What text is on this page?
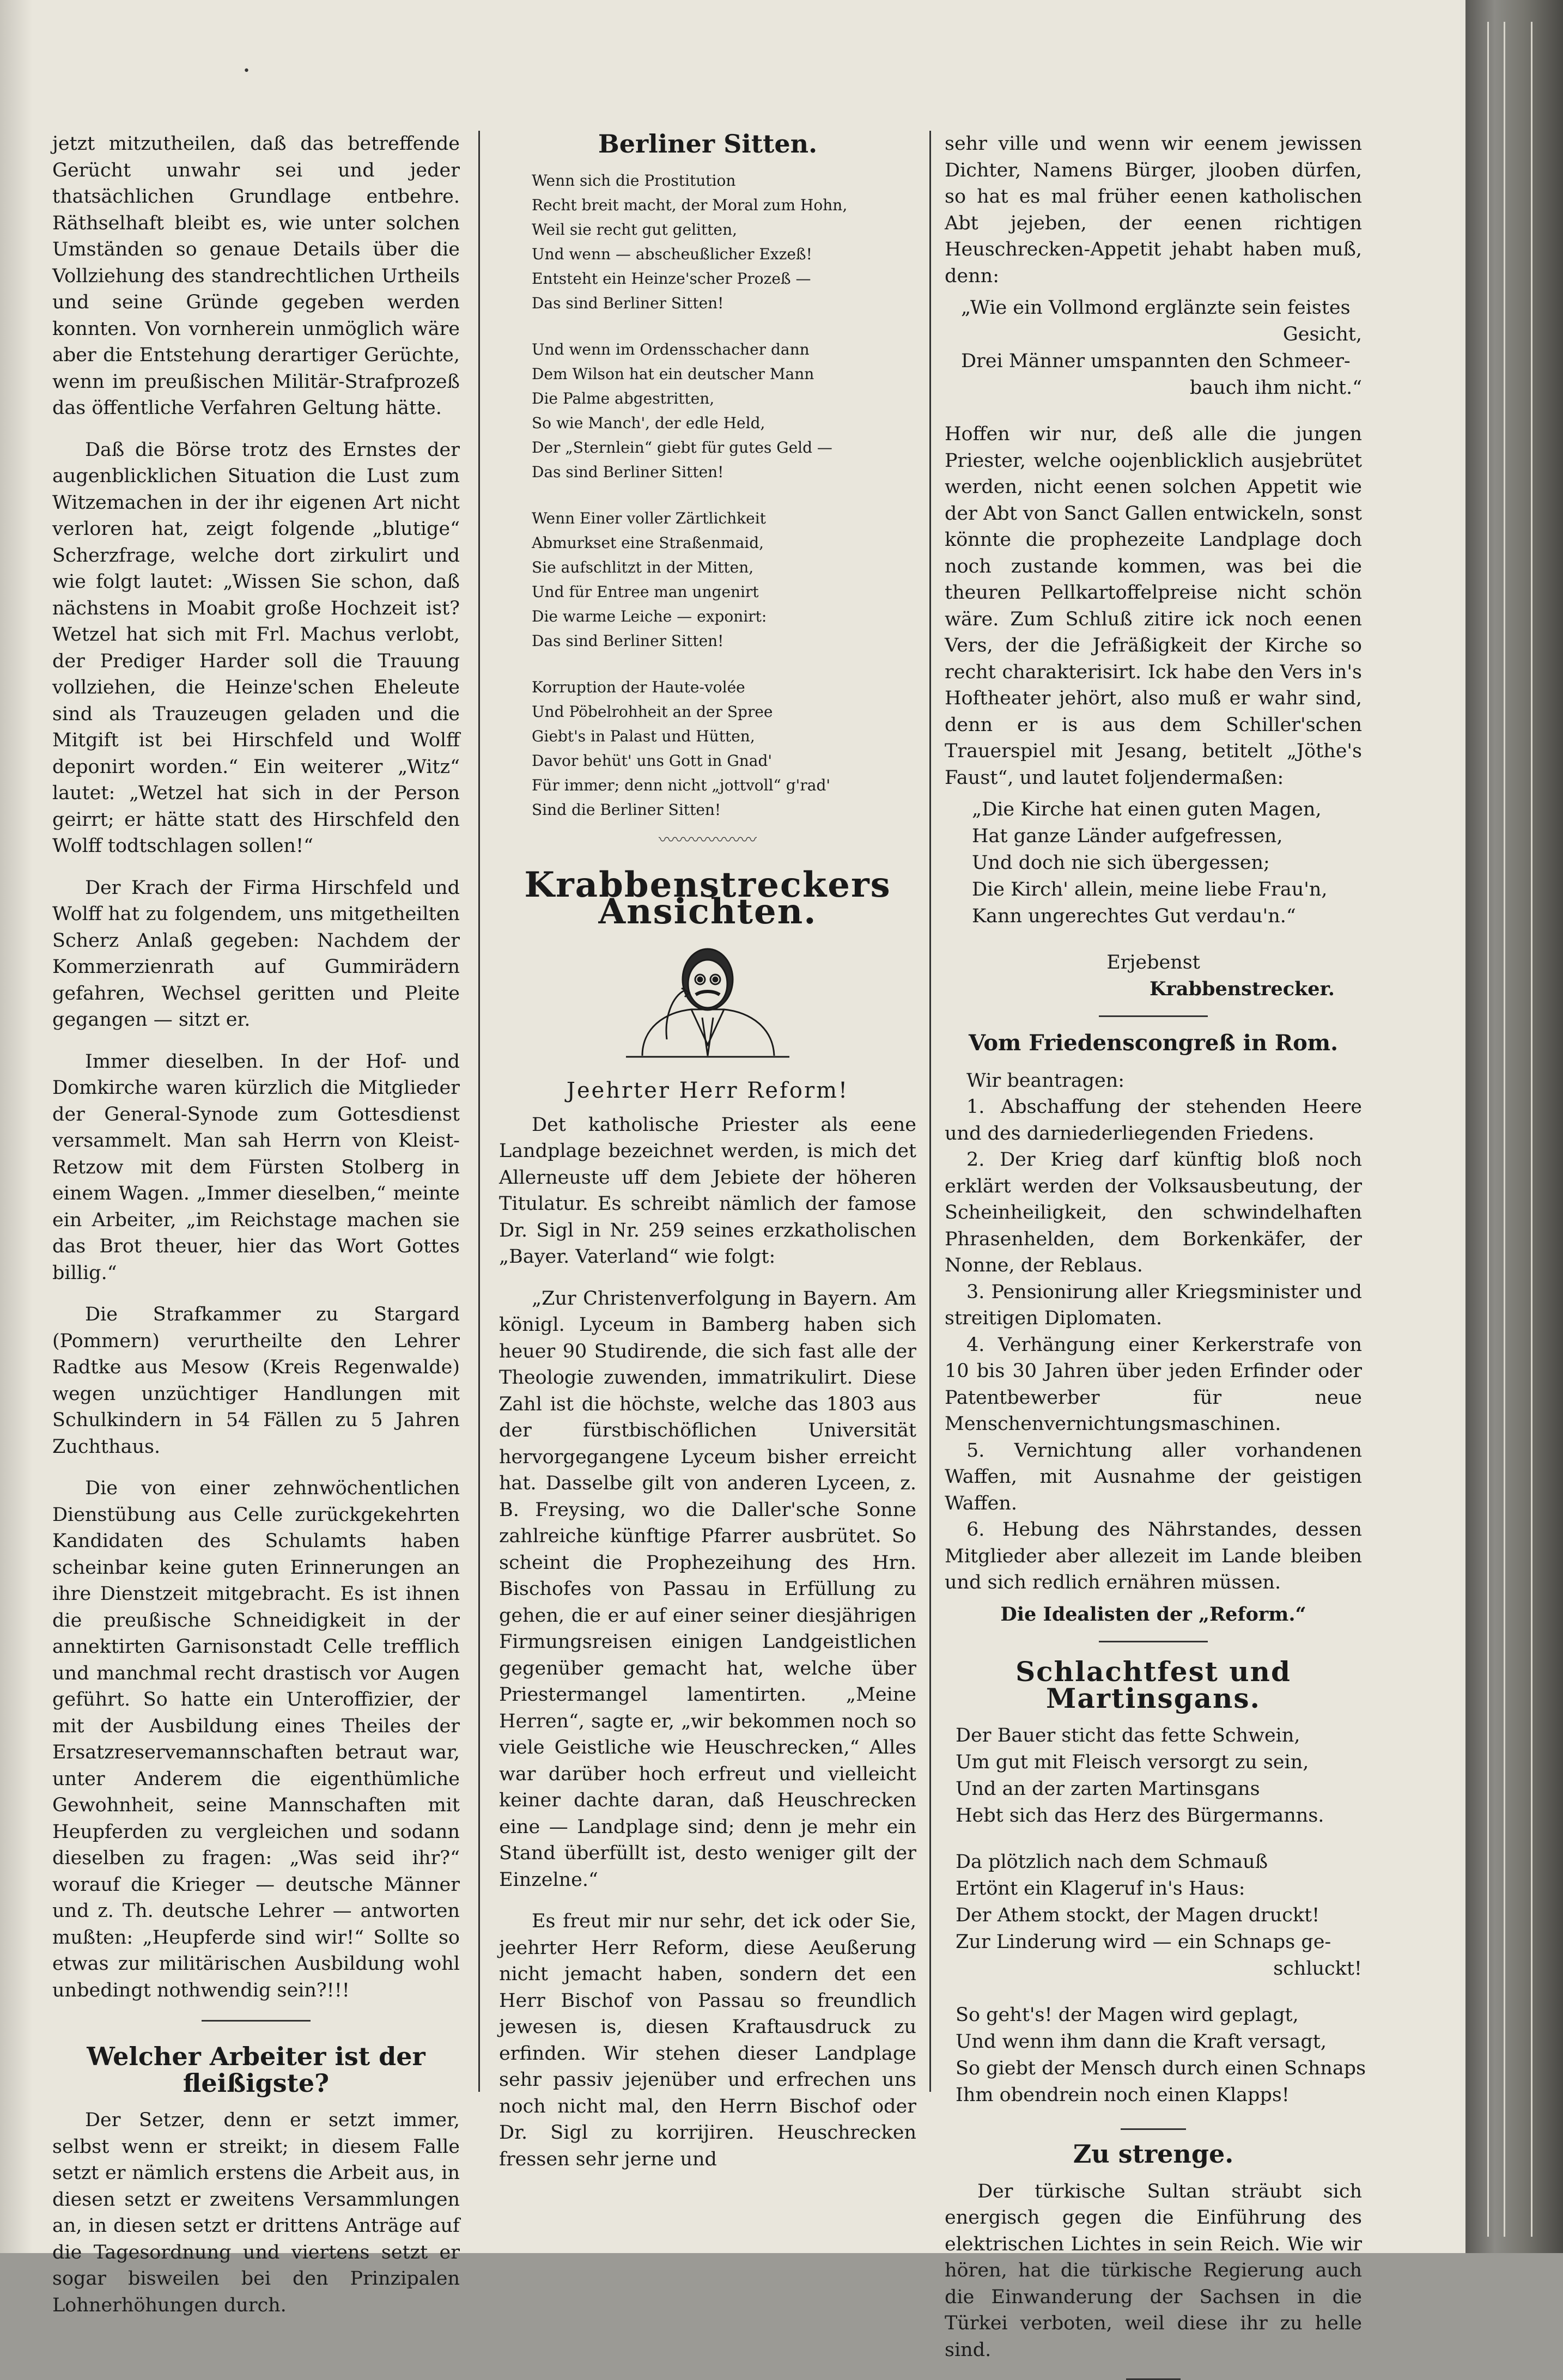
•

jetzt mitzutheilen, daß das betreffende Gerücht unwahr sei und jeder thatsächlichen Grundlage entbehre. Räthselhaft bleibt es, wie unter solchen Umständen so genaue Details über die Vollziehung des standrechtlichen Urtheils und seine Gründe gegeben werden konnten. Von vornherein unmöglich wäre aber die Entstehung derartiger Gerüchte, wenn im preußischen Militär-Strafprozeß das öffentliche Verfahren Geltung hätte.

Daß die Börse trotz des Ernstes der augenblicklichen Situation die Lust zum Witzemachen in der ihr eigenen Art nicht verloren hat, zeigt folgende „blutige“ Scherzfrage, welche dort zirkulirt und wie folgt lautet: „Wissen Sie schon, daß nächstens in Moabit große Hochzeit ist? Wetzel hat sich mit Frl. Machus verlobt, der Prediger Harder soll die Trauung vollziehen, die Heinze'schen Eheleute sind als Trauzeugen geladen und die Mitgift ist bei Hirschfeld und Wolff deponirt worden.“ Ein weiterer „Witz“ lautet: „Wetzel hat sich in der Person geirrt; er hätte statt des Hirschfeld den Wolff todtschlagen sollen!“

Der Krach der Firma Hirschfeld und Wolff hat zu folgendem, uns mitgetheilten Scherz Anlaß gegeben: Nachdem der Kommerzienrath auf Gummirädern gefahren, Wechsel geritten und Pleite gegangen — sitzt er.

Immer dieselben. In der Hof- und Domkirche waren kürzlich die Mitglieder der General-Synode zum Gottesdienst versammelt. Man sah Herrn von Kleist-Retzow mit dem Fürsten Stolberg in einem Wagen. „Immer dieselben,“ meinte ein Arbeiter, „im Reichstage machen sie das Brot theuer, hier das Wort Gottes billig.“

Die Strafkammer zu Stargard (Pommern) verurtheilte den Lehrer Radtke aus Mesow (Kreis Regenwalde) wegen unzüchtiger Handlungen mit Schulkindern in 54 Fällen zu 5 Jahren Zuchthaus.

Die von einer zehnwöchentlichen Dienstübung aus Celle zurückgekehrten Kandidaten des Schulamts haben scheinbar keine guten Erinnerungen an ihre Dienstzeit mitgebracht. Es ist ihnen die preußische Schneidigkeit in der annektirten Garnisonstadt Celle trefflich und manchmal recht drastisch vor Augen geführt. So hatte ein Unteroffizier, der mit der Ausbildung eines Theiles der Ersatzreservemannschaften betraut war, unter Anderem die eigenthümliche Gewohnheit, seine Mannschaften mit Heupferden zu vergleichen und sodann dieselben zu fragen: „Was seid ihr?“ worauf die Krieger — deutsche Männer und z. Th. deutsche Lehrer — antworten mußten: „Heupferde sind wir!“ Sollte so etwas zur militärischen Ausbildung wohl unbedingt nothwendig sein?!!!

Welcher Arbeiter ist der fleißigste?

Der Setzer, denn er setzt immer, selbst wenn er streikt; in diesem Falle setzt er nämlich erstens die Arbeit aus, in diesen setzt er zweitens Versammlungen an, in diesen setzt er drittens Anträge auf die Tagesordnung und viertens setzt er sogar bisweilen bei den Prinzipalen Lohnerhöhungen durch.

Berliner Sitten.
Wenn sich die Prostitution
Recht breit macht, der Moral zum Hohn,
Weil sie recht gut gelitten,
Und wenn — abscheußlicher Exzeß!
Entsteht ein Heinze'scher Prozeß —
Das sind Berliner Sitten!
Und wenn im Ordensschacher dann
Dem Wilson hat ein deutscher Mann
Die Palme abgestritten,
So wie Manch', der edle Held,
Der „Sternlein“ giebt für gutes Geld —
Das sind Berliner Sitten!
Wenn Einer voller Zärtlichkeit
Abmurkset eine Straßenmaid,
Sie aufschlitzt in der Mitten,
Und für Entree man ungenirt
Die warme Leiche — exponirt:
Das sind Berliner Sitten!
Korruption der Haute-volée
Und Pöbelrohheit an der Spree
Giebt's in Palast und Hütten,
Davor behüt' uns Gott in Gnad'
Für immer; denn nicht „jottvoll“ g'rad'
Sind die Berliner Sitten!
〰〰〰〰〰〰
Krabbenstreckers Ansichten.
Jeehrter Herr Reform!

Det katholische Priester als eene Landplage bezeichnet werden, is mich det Allerneuste uff dem Jebiete der höheren Titulatur. Es schreibt nämlich der famose Dr. Sigl in Nr. 259 seines erzkatholischen „Bayer. Vaterland“ wie folgt:

„Zur Christenverfolgung in Bayern. Am königl. Lyceum in Bamberg haben sich heuer 90 Studirende, die sich fast alle der Theologie zuwenden, immatrikulirt. Diese Zahl ist die höchste, welche das 1803 aus der fürstbischöflichen Universität hervorgegangene Lyceum bisher erreicht hat. Dasselbe gilt von anderen Lyceen, z. B. Freysing, wo die Daller'sche Sonne zahlreiche künftige Pfarrer ausbrütet. So scheint die Prophezeihung des Hrn. Bischofes von Passau in Erfüllung zu gehen, die er auf einer seiner diesjährigen Firmungsreisen einigen Landgeistlichen gegenüber gemacht hat, welche über Priestermangel lamentirten. „Meine Herren“, sagte er, „wir bekommen noch so viele Geistliche wie Heuschrecken,“ Alles war darüber hoch erfreut und vielleicht keiner dachte daran, daß Heuschrecken eine — Landplage sind; denn je mehr ein Stand überfüllt ist, desto weniger gilt der Einzelne.“

Es freut mir nur sehr, det ick oder Sie, jeehrter Herr Reform, diese Aeußerung nicht jemacht haben, sondern det een Herr Bischof von Passau so freundlich jewesen is, diesen Kraftausdruck zu erfinden. Wir stehen dieser Landplage sehr passiv jejenüber und erfrechen uns noch nicht mal, den Herrn Bischof oder Dr. Sigl zu korrijiren. Heuschrecken fressen sehr jerne und

sehr ville und wenn wir eenem jewissen Dichter, Namens Bürger, jlooben dürfen, so hat es mal früher eenen katholischen Abt jejeben, der eenen richtigen Heuschrecken-Appetit jehabt haben muß, denn:

„Wie ein Vollmond erglänzte sein feistes
Gesicht,
Drei Männer umspannten den Schmeer-
bauch ihm nicht.“

Hoffen wir nur, deß alle die jungen Priester, welche oojenblicklich ausjebrütet werden, nicht eenen solchen Appetit wie der Abt von Sanct Gallen entwickeln, sonst könnte die prophezeite Landplage doch noch zustande kommen, was bei die theuren Pellkartoffelpreise nicht schön wäre. Zum Schluß zitire ick noch eenen Vers, der die Jefräßigkeit der Kirche so recht charakterisirt. Ick habe den Vers in's Hoftheater jehört, also muß er wahr sind, denn er is aus dem Schiller'schen Trauerspiel mit Jesang, betitelt „Jöthe's Faust“, und lautet foljendermaßen:

„Die Kirche hat einen guten Magen,
Hat ganze Länder aufgefressen,
Und doch nie sich übergessen;
Die Kirch' allein, meine liebe Frau'n,
Kann ungerechtes Gut verdau'n.“
Erjebenst
Krabbenstrecker.
Vom Friedenscongreß in Rom.

Wir beantragen:

1. Abschaffung der stehenden Heere und des darniederliegenden Friedens.

2. Der Krieg darf künftig bloß noch erklärt werden der Volksausbeutung, der Scheinheiligkeit, den schwindelhaften Phrasenhelden, dem Borkenkäfer, der Nonne, der Reblaus.

3. Pensionirung aller Kriegsminister und streitigen Diplomaten.

4. Verhängung einer Kerkerstrafe von 10 bis 30 Jahren über jeden Erfinder oder Patentbewerber für neue Menschenvernichtungsmaschinen.

5. Vernichtung aller vorhandenen Waffen, mit Ausnahme der geistigen Waffen.

6. Hebung des Nährstandes, dessen Mitglieder aber allezeit im Lande bleiben und sich redlich ernähren müssen.

Die Idealisten der „Reform.“
Schlachtfest und Martinsgans.
Der Bauer sticht das fette Schwein,
Um gut mit Fleisch versorgt zu sein,
Und an der zarten Martinsgans
Hebt sich das Herz des Bürgermanns.
Da plötzlich nach dem Schmauß
Ertönt ein Klageruf in's Haus:
Der Athem stockt, der Magen druckt!
Zur Linderung wird — ein Schnaps ge-
schluckt!
So geht's! der Magen wird geplagt,
Und wenn ihm dann die Kraft versagt,
So giebt der Mensch durch einen Schnaps
Ihm obendrein noch einen Klapps!
Zu strenge.

Der türkische Sultan sträubt sich energisch gegen die Einführung des elektrischen Lichtes in sein Reich. Wie wir hören, hat die türkische Regierung auch die Einwanderung der Sachsen in die Türkei verboten, weil diese ihr zu helle sind.
